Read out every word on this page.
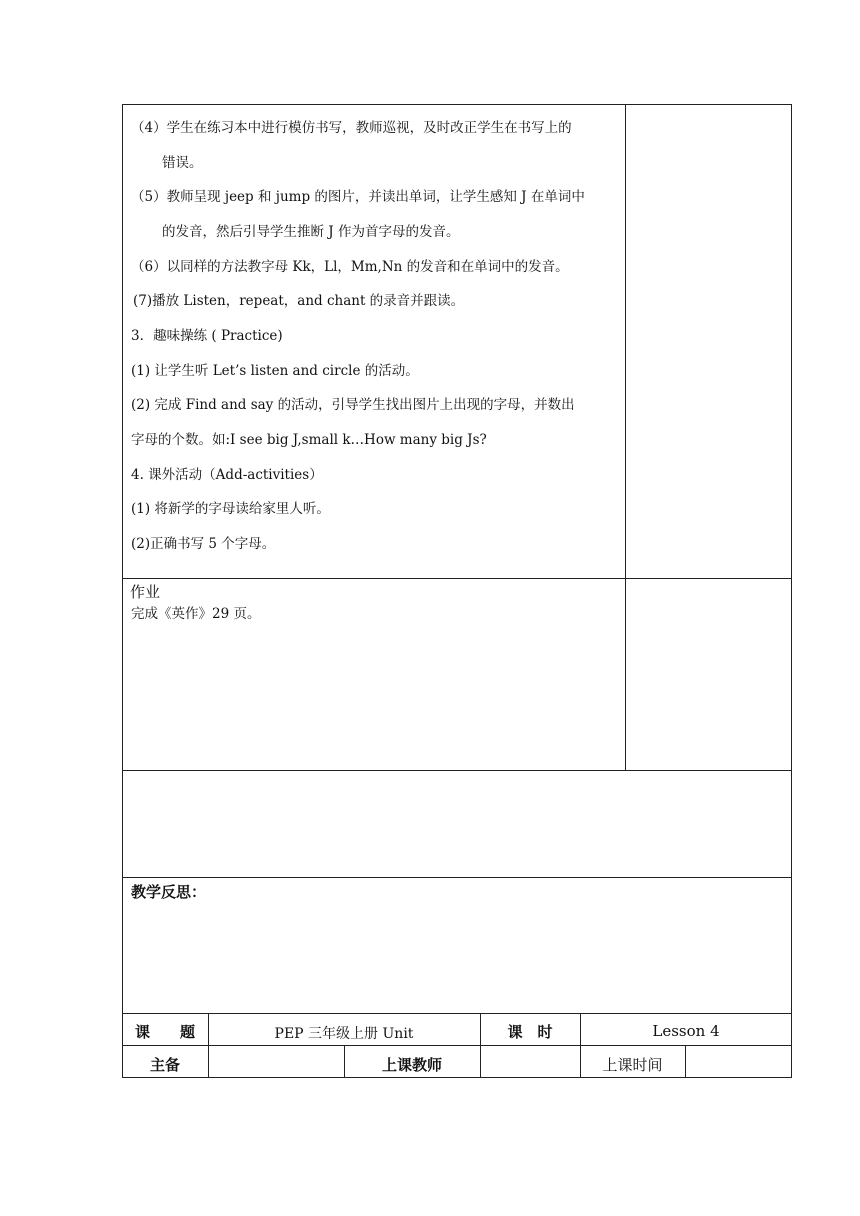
（4）学生在练习本中进行模仿书写，教师巡视，及时改正学生在书写上的
错误。
（5）教师呈现 jeep 和 jump 的图片，并读出单词，让学生感知 J 在单词中
的发音，然后引导学生推断 J 作为首字母的发音。
（6）以同样的方法教字母 Kk，Ll，Mm,Nn 的发音和在单词中的发音。
(7)播放 Listen，repeat，and chant 的录音并跟读。
3．趣味操练 ( Practice)
(1) 让学生听 Let’s listen and circle 的活动。
(2) 完成 Find and say 的活动，引导学生找出图片上出现的字母，并数出
字母的个数。如:I see big J,small k…How many big Js?
4. 课外活动（Add-activities）
(1) 将新学的字母读给家里人听。
(2)正确书写 5 个字母。
作业
完成《英作》29 页。
教学反思：
课　　题	PEP 三年级上册 Unit	课　时	Lesson 4
主备	上课教师	上课时间
